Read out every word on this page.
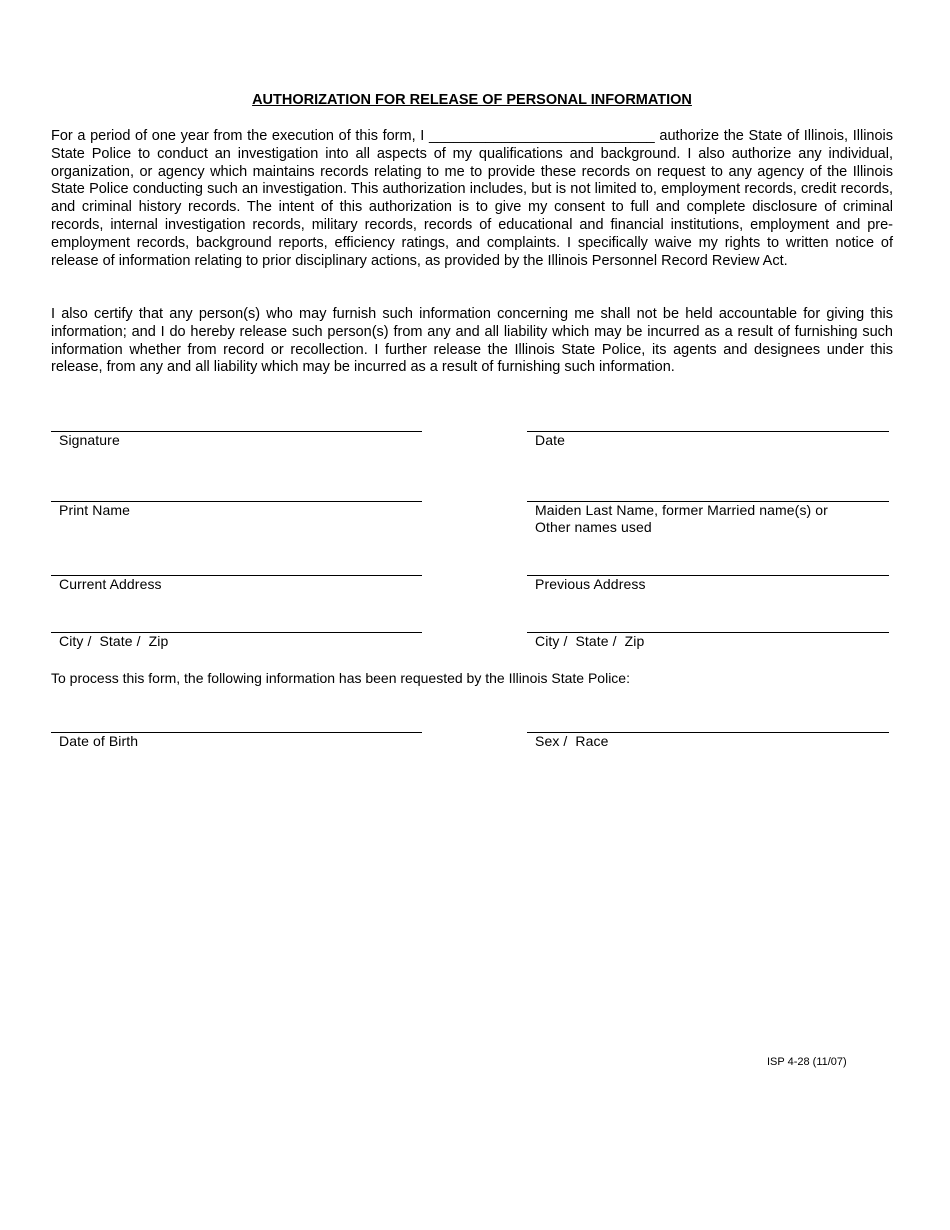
AUTHORIZATION FOR RELEASE OF PERSONAL INFORMATION

For a period of one year from the execution of this form, I ____________________________ authorize the State of Illinois, Illinois State Police to conduct an investigation into all aspects of my qualifications and background. I also authorize any individual, organization, or agency which maintains records relating to me to provide these records on request to any agency of the Illinois State Police conducting such an investigation. This authorization includes, but is not limited to, employment records, credit records, and criminal history records. The intent of this authorization is to give my consent to full and complete disclosure of criminal records, internal investigation records, military records, records of educational and financial institutions, employment and pre-employment records, background reports, efficiency ratings, and complaints. I specifically waive my rights to written notice of release of information relating to prior disciplinary actions, as provided by the Illinois Personnel Record Review Act.

I also certify that any person(s) who may furnish such information concerning me shall not be held accountable for giving this information; and I do hereby release such person(s) from any and all liability which may be incurred as a result of furnishing such information whether from record or recollection. I further release the Illinois State Police, its agents and designees under this release, from any and all liability which may be incurred as a result of furnishing such information.

Signature	Date
Print Name	Maiden Last Name, former Married name(s) or
Other names used
Current Address	Previous Address
City /  State /  Zip	City /  State /  Zip
To process this form, the following information has been requested by the Illinois State Police:
Date of Birth	Sex /  Race
ISP 4-28 (11/07)
